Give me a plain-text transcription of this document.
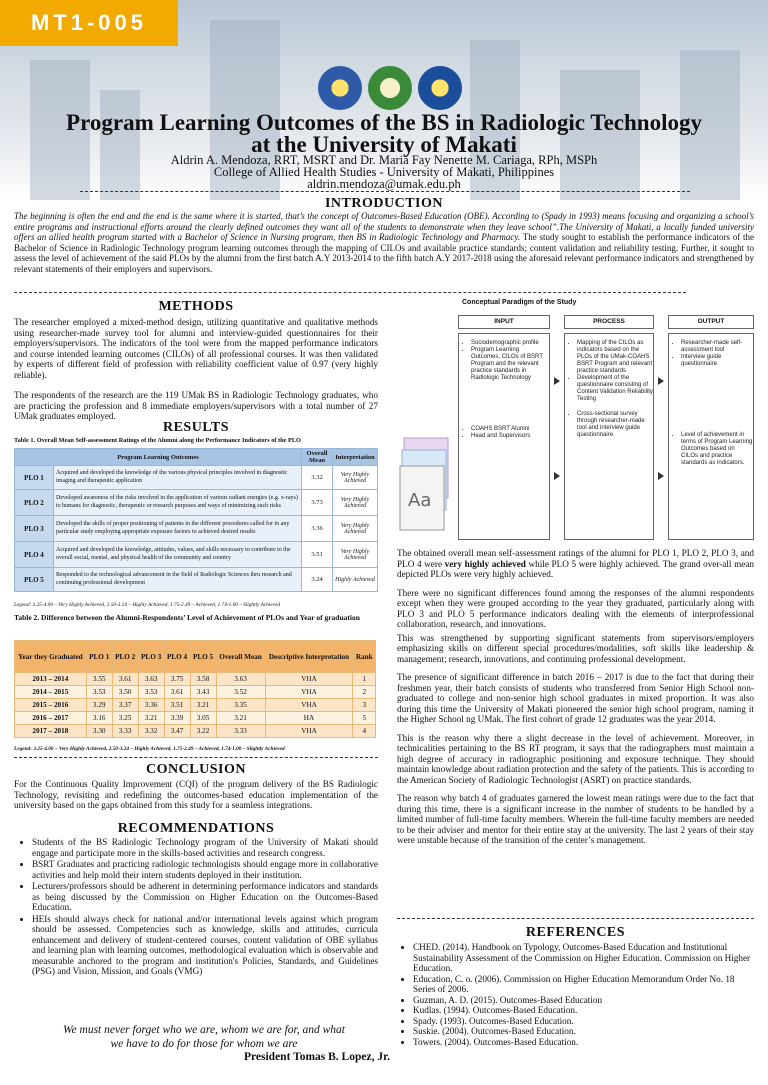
MT1-005
Program Learning Outcomes of the BS in Radiologic Technology
at the University of Makati
Aldrin A. Mendoza, RRT, MSRT and Dr. Maria Fay Nenette M. Cariaga, RPh, MSPh
College of Allied Health Studies - University of Makati, Philippines
aldrin.mendoza@umak.edu.ph
INTRODUCTION
The beginning is often the end and the end is the same where it is started, that’s the concept of Outcomes-Based Education (OBE). According to (Spady in 1993) means focusing and organizing a school’s entire programs and instructional efforts around the clearly defined outcomes they want all of the students to demonstrate when they leave school”.The University of Makati, a locally funded university offers an allied health program started with a Bachelor of Science in Nursing program, then BS in Radiologic Technology and Pharmacy. The study sought to establish the performance indicators of the Bachelor of Science in Radiologic Technology program learning outcomes through the mapping of CILOs and available practice standards; content validation and reliability testing. Further, it sought to assess the level of achievement of the said PLOs by the alumni from the first batch A.Y 2013-2014 to the fifth batch A.Y 2017-2018 using the aforesaid relevant performance indicators and strengthened by relevant statements of their employers and supervisors.
METHODS

The researcher employed a mixed-method design, utilizing quantitative and qualitative methods using researcher-made survey tool for alumni and interview-guided questionnaires for their employers/supervisors. The indicators of the tool were from the mapped performance indicators and course intended learning outcomes (CILOs) of all professional courses. It was then validated by experts of different field of profession with reliability coefficient value of 0.97 (very highly reliable).

The respondents of the research are the 119 UMak BS in Radiologic Technology graduates, who are practicing the profession and 8 immediate employers/supervisors with a total number of 27 UMak graduates employed.

RESULTS
Table 1. Overall Mean Self-assessment Ratings of the Alumni along the Performance Indicators of the PLO
Program Learning Outcomes		Overall Mean	Interpretation
PLO 1	Acquired and developed the knowledge of the various physical principles involved in diagnostic imaging and therapeutic application	3.32	Very Highly Achieved
PLO 2	Developed awareness of the risks involved in the application of various radiant energies (e.g. x-rays) to humans for diagnostic, therapeutic or research purposes and ways of minimizing such risks	3.73	Very Highly Achieved
PLO 3	Developed the skills of proper positioning of patients in the different procedures called for in any particular study employing appropriate exposure factors to achieved desired results	3.36	Very Highly Achieved
PLO 4	Acquired and developed the knowledge, attitudes, values, and skills necessary to contribute to the overall social, mental, and physical health of the community and country	3.51	Very Highly Achieved
PLO 5	Responded to the technological advancement in the field of Radiologic Sciences thru research and continuing professional development	3.24	Highly Achieved
Legend: 3.25-4.00 – Very Highly Achieved, 2.50-3.24 – Highly Achieved, 1.75-2.49 – Achieved, 1.74-1.00 – Slightly Achieved
Table 2. Difference between the Alumni-Respondents’ Level of Achievement of PLOs and Year of graduation
Year they Graduated	PLO 1	PLO 2	PLO 3	PLO 4	PLO 5	Overall Mean	Descriptive Interpretation	Rank
2013 – 2014	3.55	3.61	3.63	3.75	3.58	3.63	VHA	1
2014 – 2015	3.53	3.50	3.53	3.61	3.43	3.52	VHA	2
2015 – 2016	3.29	3.37	3.36	3.51	3.21	3.35	VHA	3
2016 – 2017	3.16	3.25	3.21	3.39	3.05	3.21	HA	5
2017 – 2018	3.30	3.33	3.32	3.47	3.22	3.33	VHA	4
Legend: 3.25-4.00 – Very Highly Achieved, 2.50-3.24 – Highly Achieved, 1.75-2.49 – Achieved, 1.74-1.00 – Slightly Achieved
CONCLUSION
For the Continuous Quality Improvement (CQI) of the program delivery of the BS Radiologic Technology, revisiting and redefining the outcomes-based education implementation of the university based on the gaps obtained from this study for a seamless integrations.
RECOMMENDATIONS
• Students of the BS Radiologic Technology program of the University of Makati should engage and participate more in the skills-based activities and research congress.
• BSRT Graduates and practicing radiologic technologists should engage more in collaborative activities and help mold their intern students deployed in their institution.
• Lecturers/professors should be adherent in determining performance indicators and standards as being discussed by the Commission on Higher Education on the Outcomes-Based Education.
• HEIs should always check for national and/or international levels against which program should be assessed. Competencies such as knowledge, skills and attitudes, curricula enhancement and delivery of student-centered courses, content validation of OBE syllabus and learning plan with learning outcomes, methodological evaluation which is observable and measurable anchored to the program and institution's Policies, Standards, and Guidelines (PSG) and Vision, Mission, and Goals (VMG)
We must never forget who we are, whom we are for, and what
we have to do for those for whom we are
President Tomas B. Lopez, Jr.
Conceptual Paradigm of the Study
INPUT	PROCESS	OUTPUT
• Sociodemographic profile
• Program Learning Outcomes, CILOs of BSRT Program and the relevant practice standards in Radiologic Technology
• COAHS BSRT Alumni
• Head and Supervisors
• Mapping of the CILOs as indicators based on the PLOs of the UMak-COAHS BSRT Program and relevant practice standards
• Development of the questionnaire consisting of Content Validation Reliability Testing
• Cross-sectional survey through researcher-made tool and interview guide questionnaire
• Researcher-made self-assessment tool
• Interview guide questionnaire
• Level of achievement in terms of Program Learning Outcomes based on CILOs and practice standards as indicators.
Aa

The obtained overall mean self-assessment ratings of the alumni for PLO 1, PLO 2, PLO 3, and PLO 4 were very highly achieved while PLO 5 were highly achieved. The grand over-all mean depicted PLOs were very highly achieved.

There were no significant differences found among the responses of the alumni respondents except when they were grouped according to the year they graduated, particularly along with PLO 3 and PLO 5 performance indicators dealing with the elements of interprofessional collaboration, research, and innovations.

This was strengthened by supporting significant statements from supervisors/employers emphasizing skills on different special procedures/modalities, soft skills like leadership & management; research, innovations, and continuing professional development.

The presence of significant difference in batch 2016 – 2017 is due to the fact that during their freshmen year, their batch consists of students who transferred from Senior High School non-graduated to college and non-senior high school graduates in mixed proportion. It was also during this time the University of Makati pioneered the senior high school program, naming it the Higher School ng UMak. The first cohort of grade 12 graduates was the year 2014.

This is the reason why there a slight decrease in the level of achievement. Moreover, in technicalities pertaining to the BS RT program, it says that the radiographers must maintain a high degree of accuracy in radiographic positioning and exposure technique. They should maintain knowledge about radiation protection and the safety of the patients. This is according to the American Society of Radiologic Technologist (ASRT) on practice standards.

The reason why batch 4 of graduates garnered the lowest mean ratings were due to the fact that during this time, there is a significant increase in the number of students to be handled by a limited number of full-time faculty members. Wherein the full-time faculty members are needed to be their adviser and mentor for their entire stay at the university. The last 2 years of their stay were unstable because of the transition of the center’s management.

REFERENCES
• CHED. (2014). Handbook on Typology, Outcomes-Based Education and Institutional Sustainability Assessment of the Commission on Higher Education. Commission on Higher Education.
• Education, C. o. (2006). Commission on Higher Education Memorandum Order No. 18 Series of 2006.
• Guzman, A. D. (2015). Outcomes-Based Education
• Kudlas. (1994). Outcomes-Based Education.
• Spady. (1993). Outcomes-Based Education.
• Suskie. (2004). Outcomes-Based Education.
• Towers. (2004). Outcomes-Based Education.
